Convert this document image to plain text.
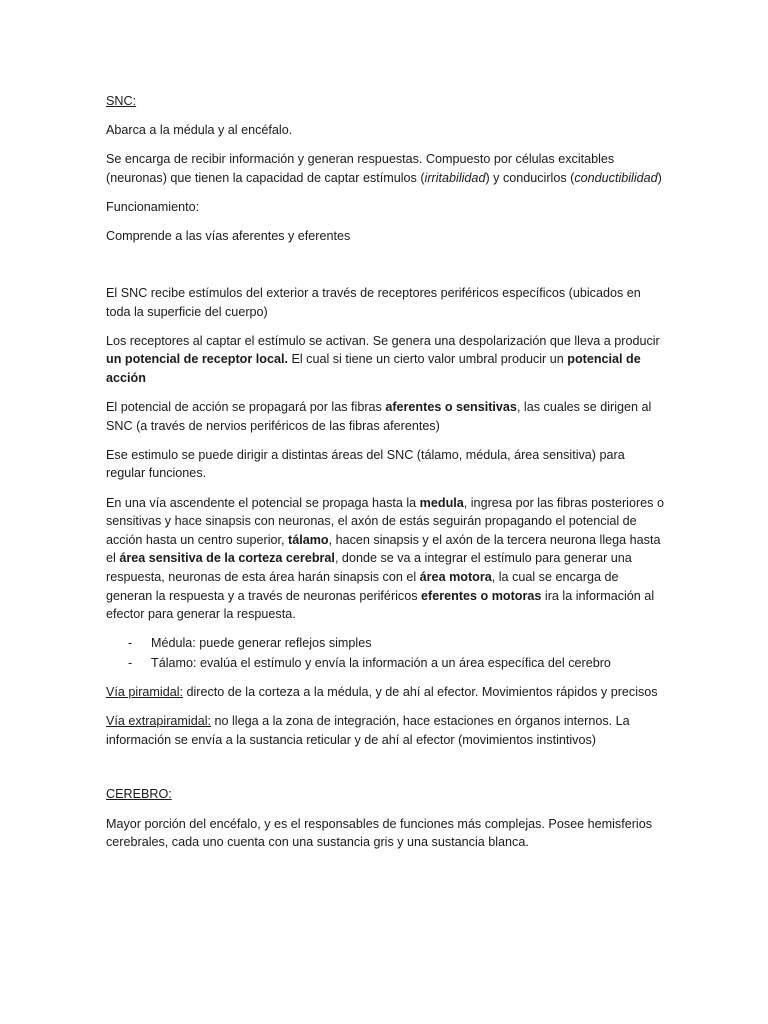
SNC:

Abarca a la médula y al encéfalo.

Se encarga de recibir información y generan respuestas. Compuesto por células excitables (neuronas) que tienen la capacidad de captar estímulos (irritabilidad) y conducirlos (conductibilidad)

Funcionamiento:

Comprende a las vías aferentes y eferentes

El SNC recibe estímulos del exterior a través de receptores periféricos específicos (ubicados en toda la superficie del cuerpo)

Los receptores al captar el estímulo se activan. Se genera una despolarización que lleva a producir un potencial de receptor local. El cual si tiene un cierto valor umbral producir un potencial de acción

El potencial de acción se propagará por las fibras aferentes o sensitivas, las cuales se dirigen al SNC (a través de nervios periféricos de las fibras aferentes)

Ese estimulo se puede dirigir a distintas áreas del SNC (tálamo, médula, área sensitiva) para regular funciones.

En una vía ascendente el potencial se propaga hasta la medula, ingresa por las fibras posteriores o sensitivas y hace sinapsis con neuronas, el axón de estás seguirán propagando el potencial de acción hasta un centro superior, tálamo, hacen sinapsis y el axón de la tercera neurona llega hasta el área sensitiva de la corteza cerebral, donde se va a integrar el estímulo para generar una respuesta, neuronas de esta área harán sinapsis con el área motora, la cual se encarga de generan la respuesta y a través de neuronas periféricos eferentes o motoras ira la información al efector para generar la respuesta.

- Médula: puede generar reflejos simples
- Tálamo: evalúa el estímulo y envía la información a un área específica del cerebro

Vía piramidal: directo de la corteza a la médula, y de ahí al efector. Movimientos rápidos y precisos

Vía extrapiramidal: no llega a la zona de integración, hace estaciones en órganos internos. La información se envía a la sustancia reticular y de ahí al efector (movimientos instintivos)

CEREBRO:

Mayor porción del encéfalo, y es el responsables de funciones más complejas. Posee hemisferios cerebrales, cada uno cuenta con una sustancia gris y una sustancia blanca.
